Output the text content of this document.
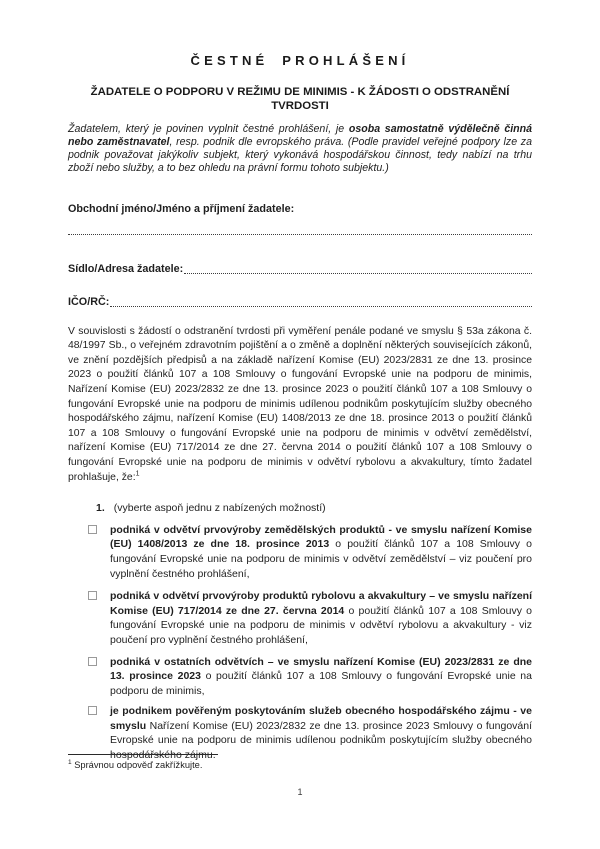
ČESTNÉ PROHLÁŠENÍ
ŽADATELE O PODPORU V REŽIMU DE MINIMIS - K ŽÁDOSTI O ODSTRANĚNÍ TVRDOSTI

Žadatelem, který je povinen vyplnit čestné prohlášení, je osoba samostatně výdělečně činná nebo zaměstnavatel, resp. podnik dle evropského práva. (Podle pravidel veřejné podpory lze za podnik považovat jakýkoliv subjekt, který vykonává hospodářskou činnost, tedy nabízí na trhu zboží nebo služby, a to bez ohledu na právní formu tohoto subjektu.)

Obchodní jméno/Jméno a příjmení žadatele:
Sídlo/Adresa žadatele:
IČO/RČ:

V souvislosti s žádostí o odstranění tvrdosti při vyměření penále podané ve smyslu § 53a zákona č. 48/1997 Sb., o veřejném zdravotním pojištění a o změně a doplnění některých souvisejících zákonů, ve znění pozdějších předpisů a na základě nařízení Komise (EU) 2023/2831 ze dne 13. prosince 2023 o použití článků 107 a 108 Smlouvy o fungování Evropské unie na podporu de minimis, Nařízení Komise (EU) 2023/2832 ze dne 13. prosince 2023 o použití článků 107 a 108 Smlouvy o fungování Evropské unie na podporu de minimis udílenou podnikům poskytujícím služby obecného hospodářského zájmu, nařízení Komise (EU) 1408/2013 ze dne 18. prosince 2013 o použití článků 107 a 108 Smlouvy o fungování Evropské unie na podporu de minimis v odvětví zemědělství, nařízení Komise (EU) 717/2014 ze dne 27. června 2014 o použití článků 107 a 108 Smlouvy o fungování Evropské unie na podporu de minimis v odvětví rybolovu a akvakultury, tímto žadatel prohlašuje, že:$^1$

1. (vyberte aspoň jednu z nabízených možností)
podniká v odvětví prvovýroby zemědělských produktů - ve smyslu nařízení Komise (EU) 1408/2013 ze dne 18. prosince 2013 o použití článků 107 a 108 Smlouvy o fungování Evropské unie na podporu de minimis v odvětví zemědělství – viz poučení pro vyplnění čestného prohlášení,
podniká v odvětví prvovýroby produktů rybolovu a akvakultury – ve smyslu nařízení Komise (EU) 717/2014 ze dne 27. června 2014 o použití článků 107 a 108 Smlouvy o fungování Evropské unie na podporu de minimis v odvětví rybolovu a akvakultury - viz poučení pro vyplnění čestného prohlášení,
podniká v ostatních odvětvích – ve smyslu nařízení Komise (EU) 2023/2831 ze dne 13. prosince 2023 o použití článků 107 a 108 Smlouvy o fungování Evropské unie na podporu de minimis,
je podnikem pověřeným poskytováním služeb obecného hospodářského zájmu - ve smyslu Nařízení Komise (EU) 2023/2832 ze dne 13. prosince 2023 Smlouvy o fungování Evropské unie na podporu de minimis udílenou podnikům poskytujícím služby obecného hospodářského zájmu.
$^1$ Správnou odpověď zakřížkujte.
1
